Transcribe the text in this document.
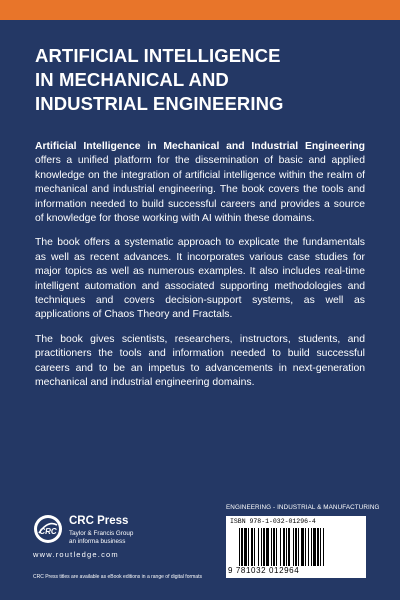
ARTIFICIAL INTELLIGENCE
IN MECHANICAL AND
INDUSTRIAL ENGINEERING

Artificial Intelligence in Mechanical and Industrial Engineering offers a unified platform for the dissemination of basic and applied knowledge on the integration of artificial intelligence within the realm of mechanical and industrial engineering. The book covers the tools and information needed to build successful careers and provides a source of knowledge for those working with AI within these domains.

The book offers a systematic approach to explicate the fundamentals as well as recent advances. It incorporates various case studies for major topics as well as numerous examples. It also includes real-time intelligent automation and associated supporting methodologies and techniques and covers decision-support systems, as well as applications of Chaos Theory and Fractals.

The book gives scientists, researchers, instructors, students, and practitioners the tools and information needed to build successful careers and to be an impetus to advancements in next-generation mechanical and industrial engineering domains.

CRC
CRC Press
Taylor & Francis Group
an informa business
www.routledge.com
CRC Press titles are available as eBook editions in a range of digital formats
ENGINEERING - INDUSTRIAL & MANUFACTURING
ISBN 978-1-032-01296-4
9 781032 012964
